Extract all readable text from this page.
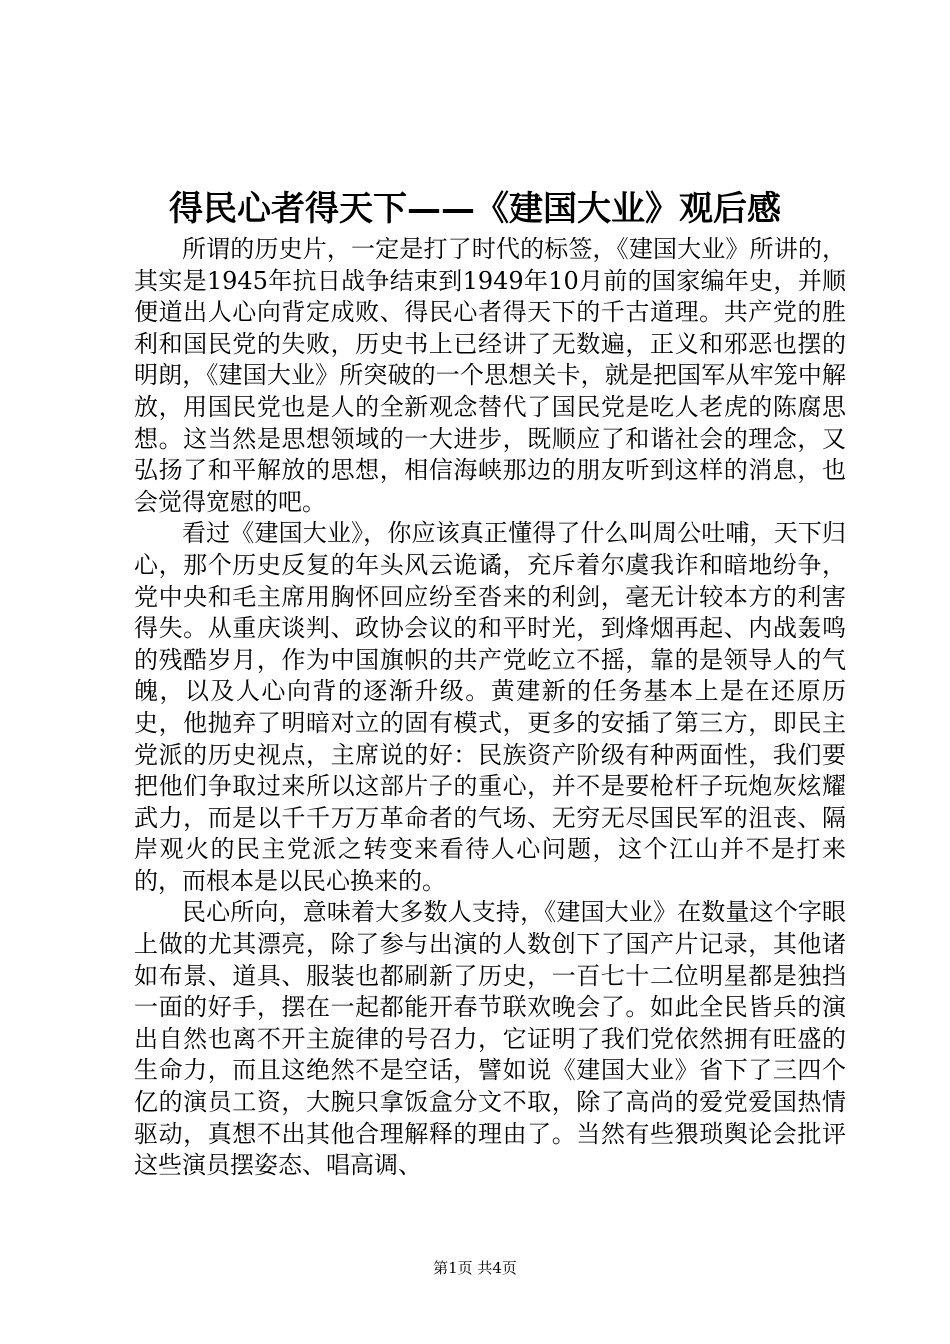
得民心者得天下——《建国大业》观后感

所谓的历史片，一定是打了时代的标签，《建国大业》所讲的，其实是1945年抗日战争结束到1949年10月前的国家编年史，并顺便道出人心向背定成败、得民心者得天下的千古道理。共产党的胜利和国民党的失败，历史书上已经讲了无数遍，正义和邪恶也摆的明朗，《建国大业》所突破的一个思想关卡，就是把国军从牢笼中解放，用国民党也是人的全新观念替代了国民党是吃人老虎的陈腐思想。这当然是思想领域的一大进步，既顺应了和谐社会的理念，又弘扬了和平解放的思想，相信海峡那边的朋友听到这样的消息，也会觉得宽慰的吧。

看过《建国大业》，你应该真正懂得了什么叫周公吐哺，天下归心，那个历史反复的年头风云诡谲，充斥着尔虞我诈和暗地纷争，党中央和毛主席用胸怀回应纷至沓来的利剑，毫无计较本方的利害得失。从重庆谈判、政协会议的和平时光，到烽烟再起、内战轰鸣的残酷岁月，作为中国旗帜的共产党屹立不摇，靠的是领导人的气魄，以及人心向背的逐渐升级。黄建新的任务基本上是在还原历史，他抛弃了明暗对立的固有模式，更多的安插了第三方，即民主党派的历史视点，主席说的好：民族资产阶级有种两面性，我们要把他们争取过来所以这部片子的重心，并不是要枪杆子玩炮灰炫耀武力，而是以千千万万革命者的气场、无穷无尽国民军的沮丧、隔岸观火的民主党派之转变来看待人心问题，这个江山并不是打来的，而根本是以民心换来的。

民心所向，意味着大多数人支持，《建国大业》在数量这个字眼上做的尤其漂亮，除了参与出演的人数创下了国产片记录，其他诸如布景、道具、服装也都刷新了历史，一百七十二位明星都是独挡一面的好手，摆在一起都能开春节联欢晚会了。如此全民皆兵的演出自然也离不开主旋律的号召力，它证明了我们党依然拥有旺盛的生命力，而且这绝然不是空话，譬如说《建国大业》省下了三四个亿的演员工资，大腕只拿饭盒分文不取，除了高尚的爱党爱国热情驱动，真想不出其他合理解释的理由了。当然有些猥琐舆论会批评这些演员摆姿态、唱高调、

第1页 共4页
